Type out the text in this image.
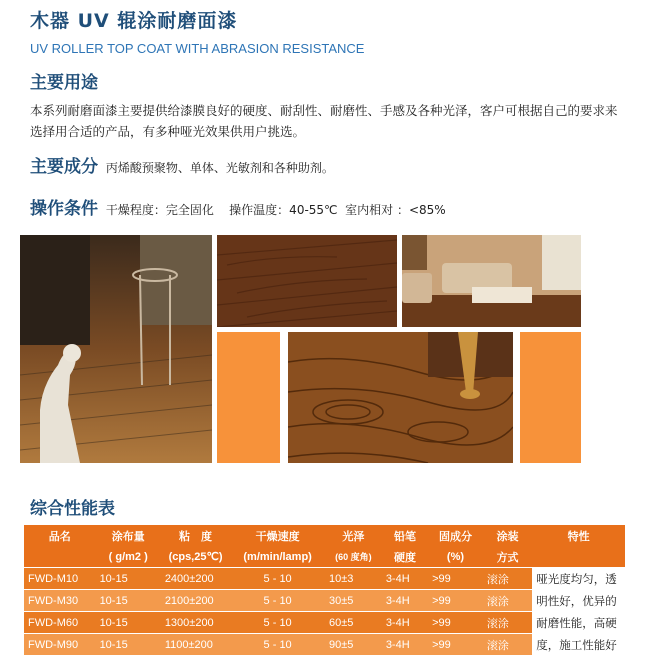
木器 UV 辊涂耐磨面漆
UV ROLLER TOP COAT WITH ABRASION RESISTANCE
主要用途
本系列耐磨面漆主要提供给漆膜良好的硬度、耐刮性、耐磨性、手感及各种光泽，客户可根据自己的要求来选择用合适的产品，有多种哑光效果供用户挑选。
主要成分 丙烯酸预聚物、单体、光敏剂和各种助剂。
操作条件 干燥程度：完全固化    操作温度：40-55℃  室内相对 ：<85%
综合性能表
品名	涂布量	粘　度	干燥速度	光泽	铅笔	固成分	涂装	特性
	( g/m2 )	(cps,25℃)	(m/min/lamp)	(60 度角)	硬度	(%)	方式	
FWD-M10	10-15	2400±200	5 - 10	10±3	3-4H	>99	滚涂	哑光度均匀，透
FWD-M30	10-15	2100±200	5 - 10	30±5	3-4H	>99	滚涂	明性好，优异的
FWD-M60	10-15	1300±200	5 - 10	60±5	3-4H	>99	滚涂	耐磨性能，高硬
FWD-M90	10-15	1100±200	5 - 10	90±5	3-4H	>99	滚涂	度，施工性能好
